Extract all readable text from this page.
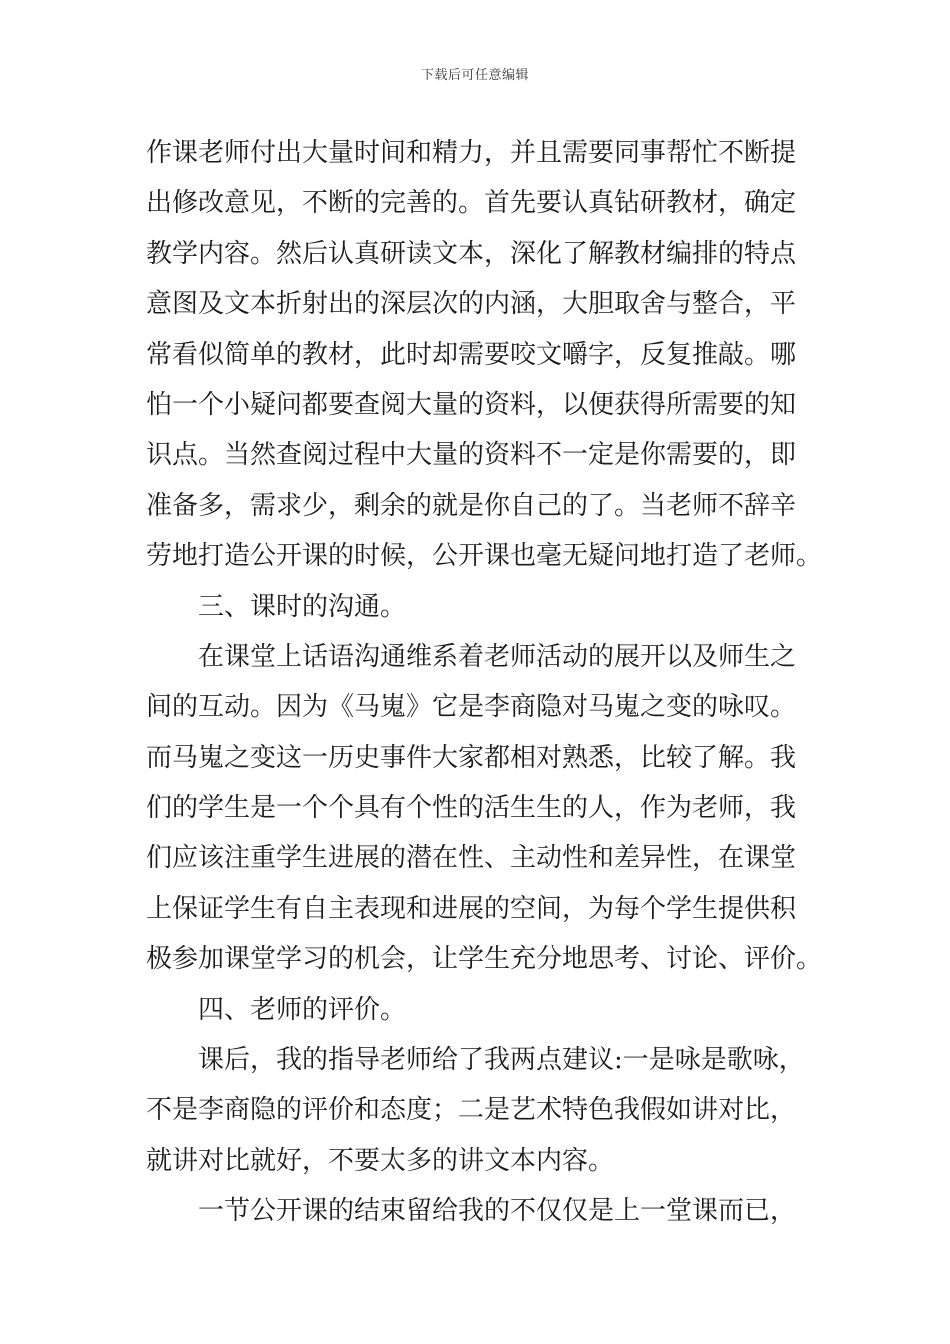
下载后可任意编辑
作课老师付出大量时间和精力，并且需要同事帮忙不断提
出修改意见，不断的完善的。首先要认真钻研教材，确定
教学内容。然后认真研读文本，深化了解教材编排的特点
意图及文本折射出的深层次的内涵，大胆取舍与整合，平
常看似简单的教材，此时却需要咬文嚼字，反复推敲。哪
怕一个小疑问都要查阅大量的资料，以便获得所需要的知
识点。当然查阅过程中大量的资料不一定是你需要的，即
准备多，需求少，剩余的就是你自己的了。当老师不辞辛
劳地打造公开课的时候，公开课也毫无疑问地打造了老师。
三、课时的沟通。
在课堂上话语沟通维系着老师活动的展开以及师生之
间的互动。因为《马嵬》它是李商隐对马嵬之变的咏叹。
而马嵬之变这一历史事件大家都相对熟悉，比较了解。我
们的学生是一个个具有个性的活生生的人，作为老师，我
们应该注重学生进展的潜在性、主动性和差异性，在课堂
上保证学生有自主表现和进展的空间，为每个学生提供积
极参加课堂学习的机会，让学生充分地思考、讨论、评价。
四、老师的评价。
课后，我的指导老师给了我两点建议:一是咏是歌咏，
不是李商隐的评价和态度；二是艺术特色我假如讲对比，
就讲对比就好，不要太多的讲文本内容。
一节公开课的结束留给我的不仅仅是上一堂课而已，
